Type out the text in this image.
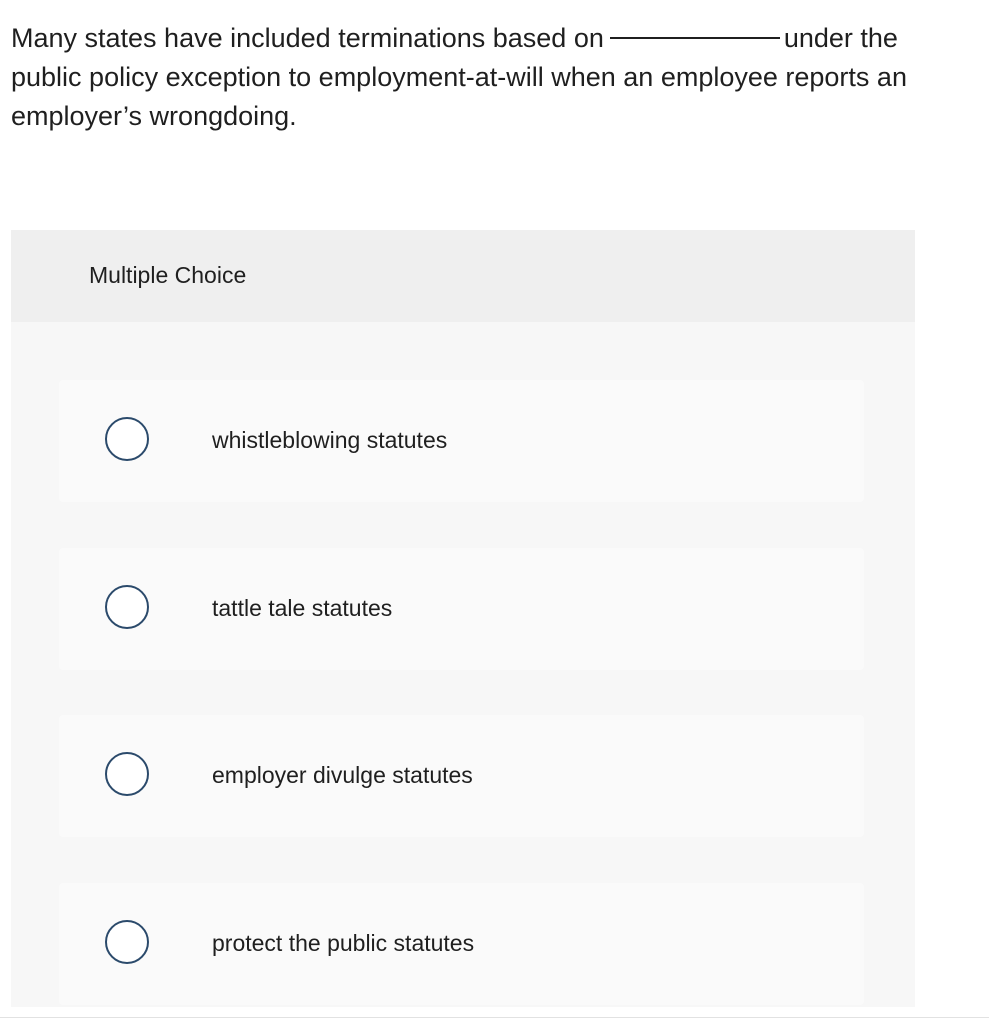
Many states have included terminations based on	under the public policy exception to employment-at-will when an employee reports an employer’s wrongdoing.

Multiple Choice
whistleblowing statutes
tattle tale statutes
employer divulge statutes
protect the public statutes
